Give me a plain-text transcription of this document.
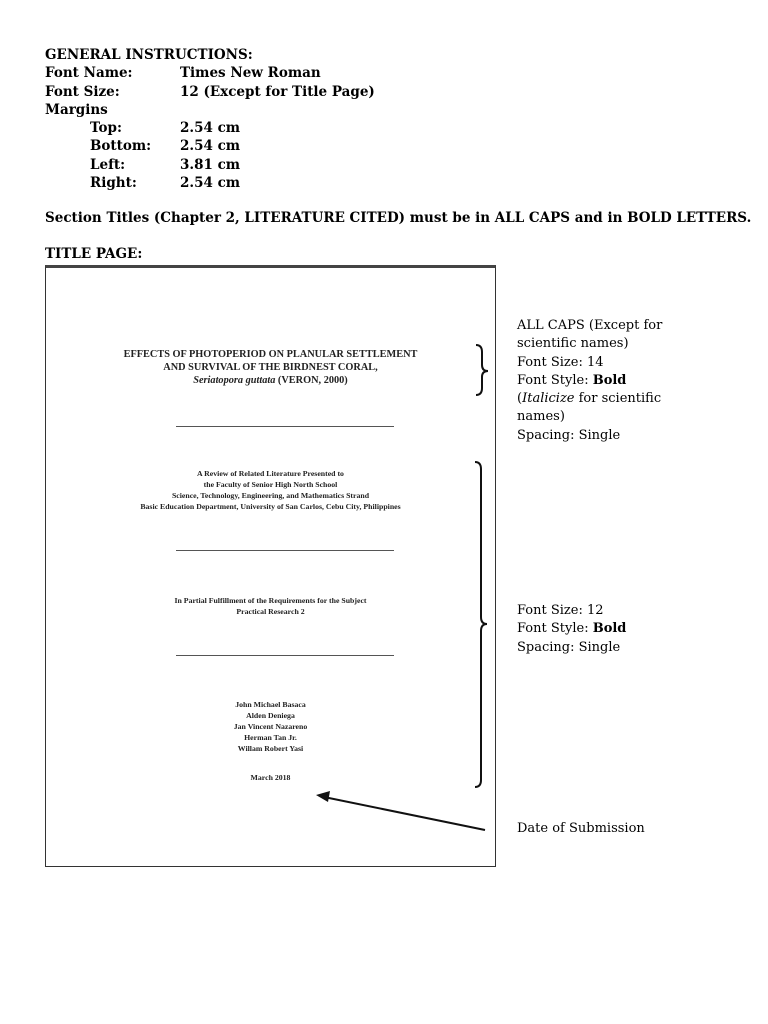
GENERAL INSTRUCTIONS:
Font Name:	Times New Roman
Font Size:	12 (Except for Title Page)
Margins
Top:	2.54 cm
Bottom:	2.54 cm
Left:	3.81 cm
Right:	2.54 cm
Section Titles (Chapter 2, LITERATURE CITED) must be in ALL CAPS and in BOLD LETTERS.
TITLE PAGE:
EFFECTS OF PHOTOPERIOD ON PLANULAR SETTLEMENT
AND SURVIVAL OF THE BIRDNEST CORAL,
Seriatopora guttata (VERON, 2000)
A Review of Related Literature Presented to
the Faculty of Senior High North School
Science, Technology, Engineering, and Mathematics Strand
Basic Education Department, University of San Carlos, Cebu City, Philippines
In Partial Fulfillment of the Requirements for the Subject
Practical Research 2
John Michael Basaca
Alden Deniega
Jan Vincent Nazareno
Herman Tan Jr.
Willam Robert Yasi
March 2018
ALL CAPS (Except for
scientific names)
Font Size: 14
Font Style: Bold
(Italicize for scientific
names)
Spacing: Single
Font Size: 12
Font Style: Bold
Spacing: Single
Date of Submission
